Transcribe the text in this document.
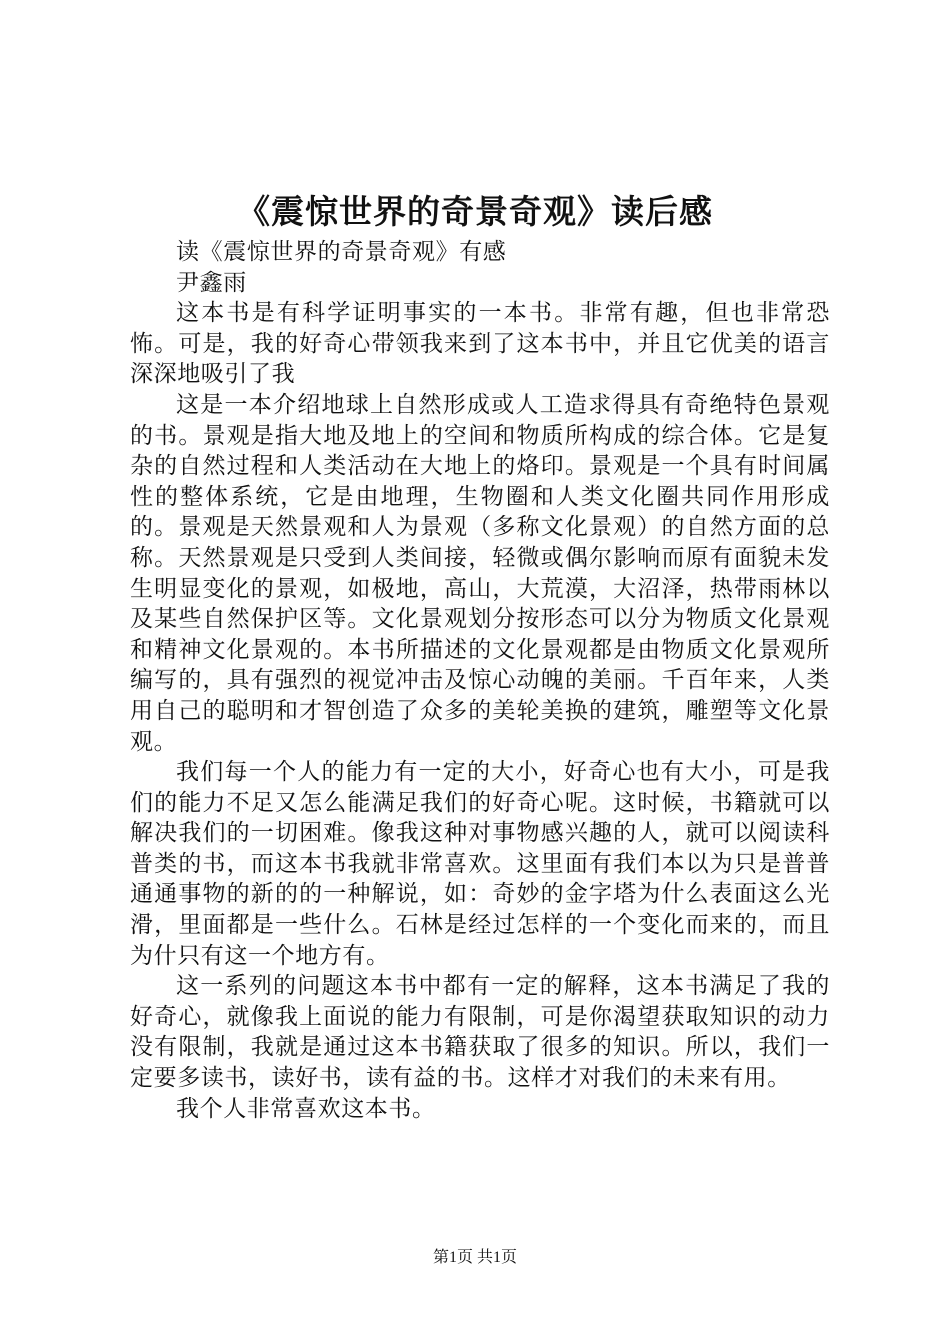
《震惊世界的奇景奇观》读后感

读《震惊世界的奇景奇观》有感

尹鑫雨

这本书是有科学证明事实的一本书。非常有趣，但也非常恐怖。可是，我的好奇心带领我来到了这本书中，并且它优美的语言深深地吸引了我

这是一本介绍地球上自然形成或人工造求得具有奇绝特色景观的书。景观是指大地及地上的空间和物质所构成的综合体。它是复杂的自然过程和人类活动在大地上的烙印。景观是一个具有时间属性的整体系统，它是由地理，生物圈和人类文化圈共同作用形成的。景观是天然景观和人为景观（多称文化景观）的自然方面的总称。天然景观是只受到人类间接，轻微或偶尔影响而原有面貌未发生明显变化的景观，如极地，高山，大荒漠，大沼泽，热带雨林以及某些自然保护区等。文化景观划分按形态可以分为物质文化景观和精神文化景观的。本书所描述的文化景观都是由物质文化景观所编写的，具有强烈的视觉冲击及惊心动魄的美丽。千百年来，人类用自己的聪明和才智创造了众多的美轮美换的建筑，雕塑等文化景观。

我们每一个人的能力有一定的大小，好奇心也有大小，可是我们的能力不足又怎么能满足我们的好奇心呢。这时候，书籍就可以解决我们的一切困难。像我这种对事物感兴趣的人，就可以阅读科普类的书，而这本书我就非常喜欢。这里面有我们本以为只是普普通通事物的新的的一种解说，如：奇妙的金字塔为什么表面这么光滑，里面都是一些什么。石林是经过怎样的一个变化而来的，而且为什只有这一个地方有。

这一系列的问题这本书中都有一定的解释，这本书满足了我的好奇心，就像我上面说的能力有限制，可是你渴望获取知识的动力没有限制，我就是通过这本书籍获取了很多的知识。所以，我们一定要多读书，读好书，读有益的书。这样才对我们的未来有用。

我个人非常喜欢这本书。

第1页 共1页
